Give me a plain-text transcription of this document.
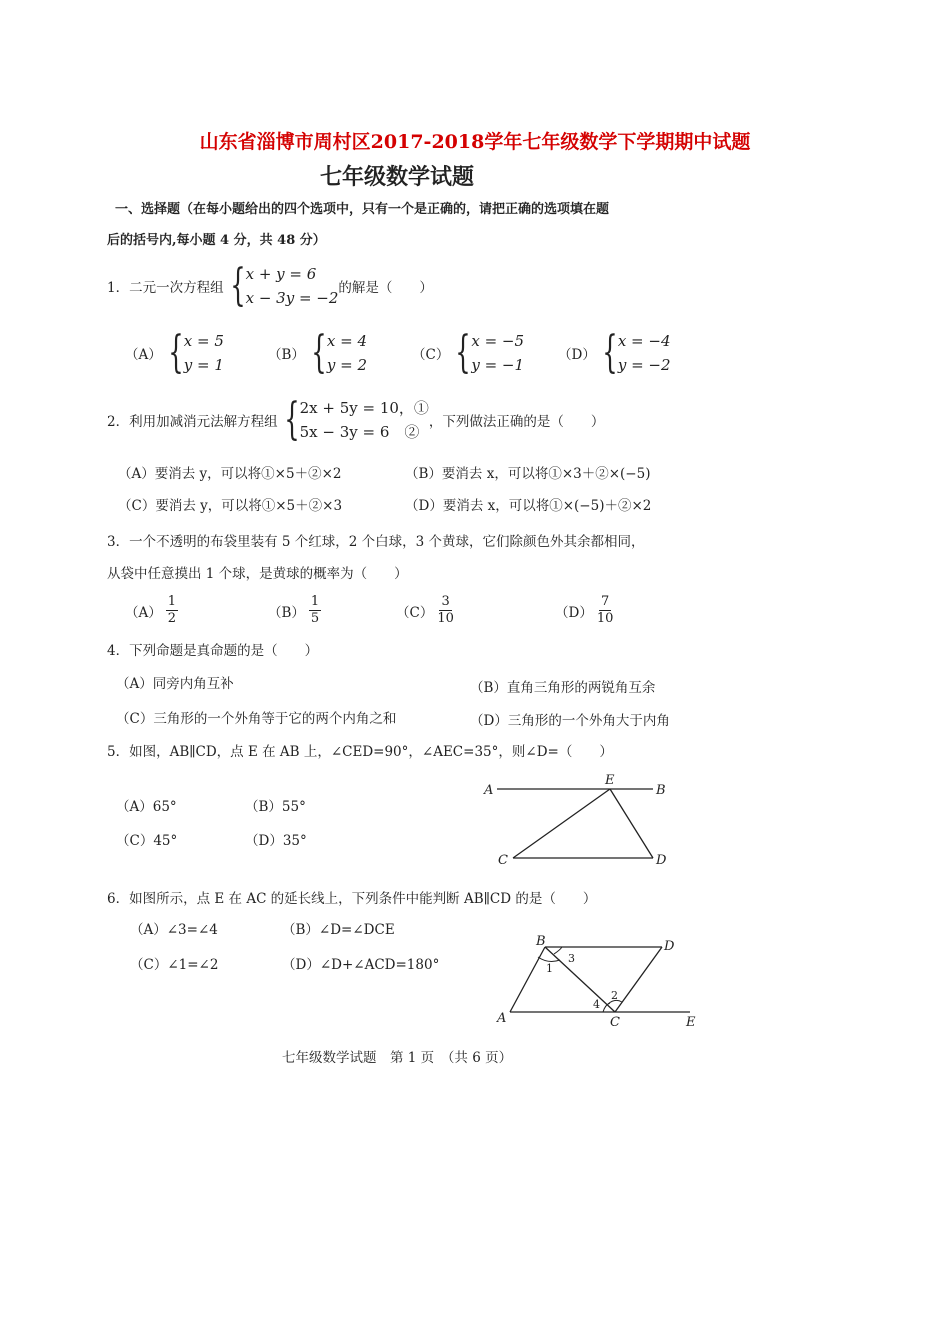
山东省淄博市周村区2017-2018学年七年级数学下学期期中试题
七年级数学试题
一、选择题（在每小题给出的四个选项中，只有一个是正确的，请把正确的选项填在题
后的括号内,每小题 4 分，共 48 分）
1．二元一次方程组 { x + y = 6
x − 3y = −2
的解是（　　）
（A） { x = 5
y = 1
（B） { x = 4
y = 2
（C） { x = −5
y = −1
（D） { x = −4
y = −2
2．利用加减消元法解方程组 { 2x + 5y = 10，①
5x − 3y = 6　②
，下列做法正确的是（　　）
（A）要消去 y，可以将①×5＋②×2	（B）要消去 x，可以将①×3＋②×(−5)
（C）要消去 y，可以将①×5＋②×3	（D）要消去 x，可以将①×(−5)＋②×2
3．一个不透明的布袋里装有 5 个红球，2 个白球，3 个黄球，它们除颜色外其余都相同，
从袋中任意摸出 1 个球，是黄球的概率为（　　）
$(A) \frac{1}{2}$	$(B) \frac{1}{5}$	$(C) \frac{3}{10}$	$(D) \frac{7}{10}$
4．下列命题是真命题的是（　　）
（A）同旁内角互补	（B）直角三角形的两锐角互余
（C）三角形的一个外角等于它的两个内角之和	（D）三角形的一个外角大于内角
5．如图，AB∥CD，点 E 在 AB 上，∠CED=90°，∠AEC=35°，则∠D=（　　）
（A）65°	（B）55°
（C）45°	（D）35°
A	B
C	D
E
6．如图所示，点 E 在 AC 的延长线上，下列条件中能判断 AB∥CD 的是（　　）
（A）∠3=∠4	（B）∠D=∠DCE
（C）∠1=∠2	（D）∠D+∠ACD=180°
B	D
A	C	E
1
3
2
4
七年级数学试题　第 1 页　（共 6 页）
